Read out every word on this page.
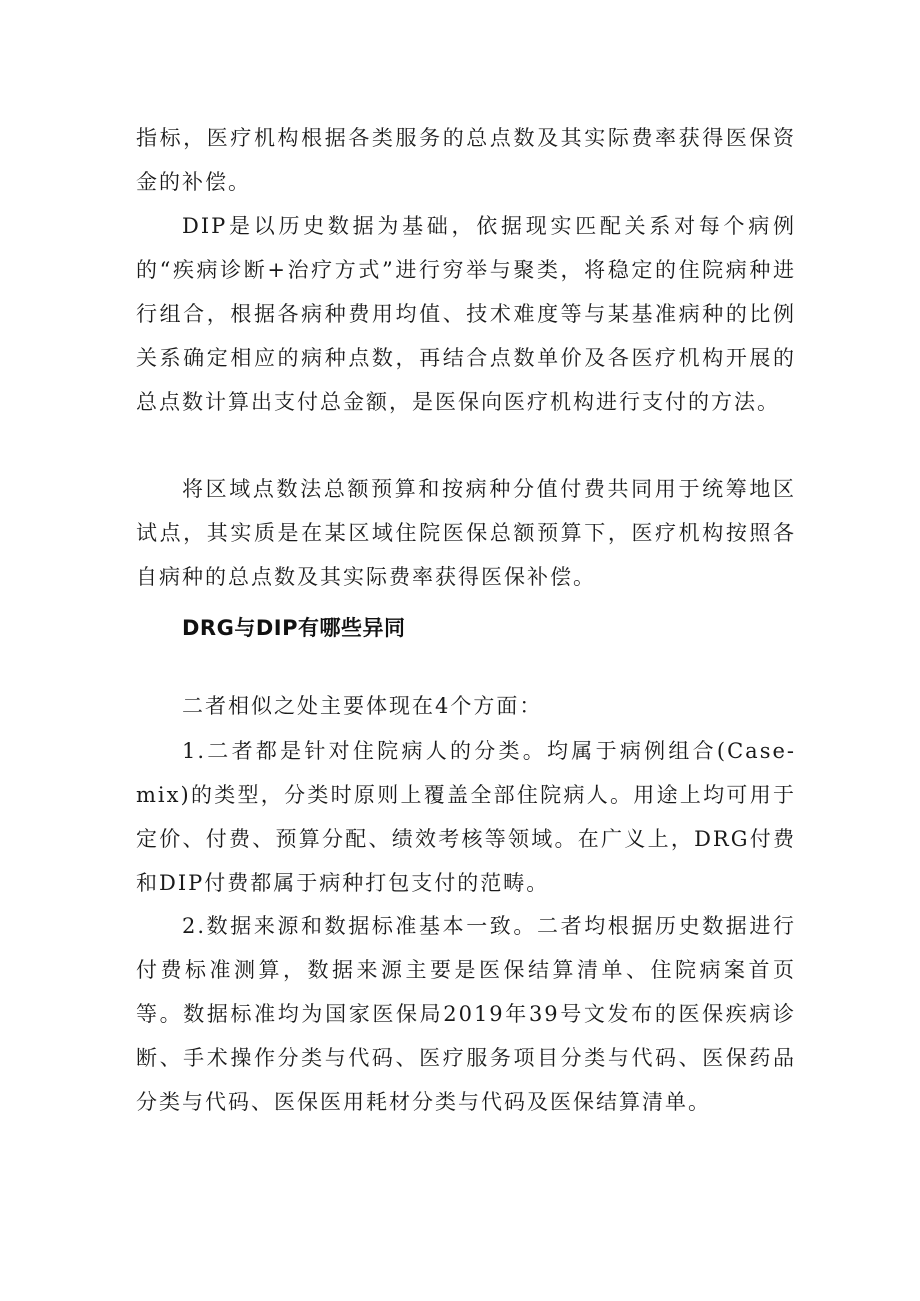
指标，医疗机构根据各类服务的总点数及其实际费率获得医保资金的补偿。

DIP是以历史数据为基础，依据现实匹配关系对每个病例的“疾病诊断+治疗方式”进行穷举与聚类，将稳定的住院病种进行组合，根据各病种费用均值、技术难度等与某基准病种的比例关系确定相应的病种点数，再结合点数单价及各医疗机构开展的总点数计算出支付总金额，是医保向医疗机构进行支付的方法。

将区域点数法总额预算和按病种分值付费共同用于统筹地区试点，其实质是在某区域住院医保总额预算下，医疗机构按照各自病种的总点数及其实际费率获得医保补偿。

DRG与DIP有哪些异同

二者相似之处主要体现在4个方面：

1.二者都是针对住院病人的分类。均属于病例组合(Case-mix)的类型，分类时原则上覆盖全部住院病人。用途上均可用于定价、付费、预算分配、绩效考核等领域。在广义上，DRG付费和DIP付费都属于病种打包支付的范畴。

2.数据来源和数据标准基本一致。二者均根据历史数据进行付费标准测算，数据来源主要是医保结算清单、住院病案首页等。数据标准均为国家医保局2019年39号文发布的医保疾病诊断、手术操作分类与代码、医疗服务项目分类与代码、医保药品分类与代码、医保医用耗材分类与代码及医保结算清单。
